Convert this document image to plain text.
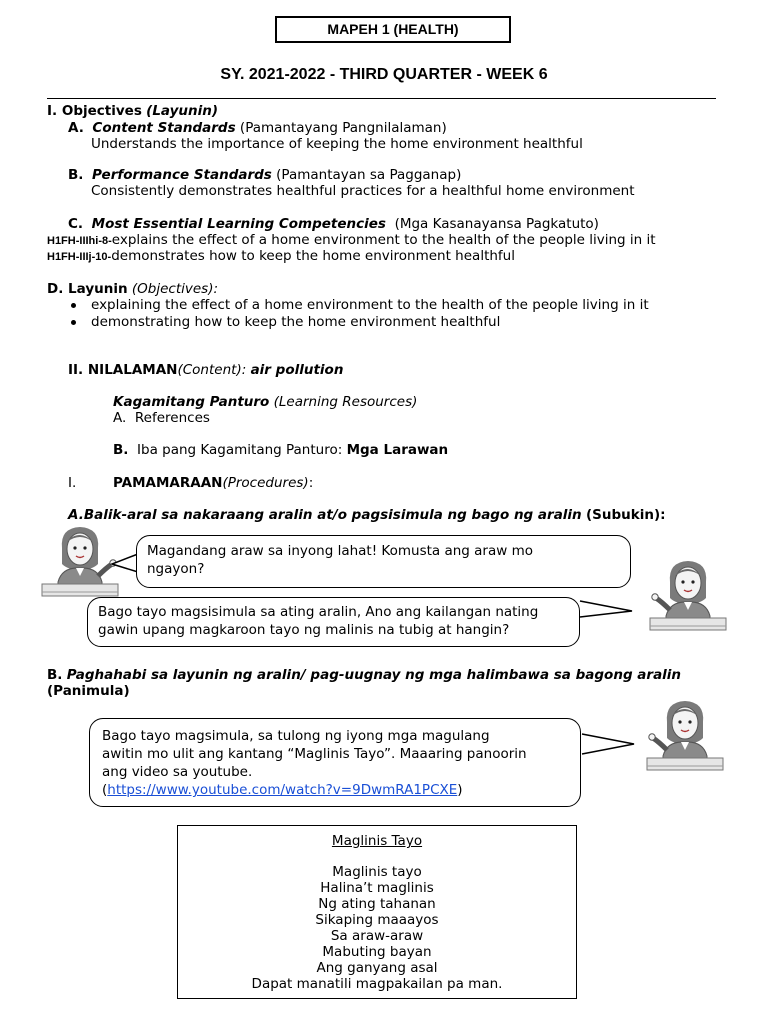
MAPEH 1 (HEALTH)
SY. 2021-2022 - THIRD QUARTER - WEEK 6
I. Objectives (Layunin)
A. Content Standards (Pamantayang Pangnilalaman)
Understands the importance of keeping the home environment healthful
B. Performance Standards (Pamantayan sa Pagganap)
Consistently demonstrates healthful practices for a healthful home environment
C. Most Essential Learning Competencies (Mga Kasanayansa Pagkatuto)
H1FH-IIIhi-8-explains the effect of a home environment to the health of the people living in it
H1FH-IIIj-10-demonstrates how to keep the home environment healthful
D. Layunin (Objectives):
explaining the effect of a home environment to the health of the people living in it
demonstrating how to keep the home environment healthful
II. NILALAMAN(Content): air pollution
Kagamitang Panturo (Learning Resources)
A. References
B. Iba pang Kagamitang Panturo: Mga Larawan
I.	PAMAMARAAN(Procedures):
A.Balik-aral sa nakaraang aralin at/o pagsisimula ng bago ng aralin (Subukin):
Magandang araw sa inyong lahat! Komusta ang araw mo
ngayon?
Bago tayo magsisimula sa ating aralin, Ano ang kailangan nating
gawin upang magkaroon tayo ng malinis na tubig at hangin?
B. Paghahabi sa layunin ng aralin/ pag-uugnay ng mga halimbawa sa bagong aralin
(Panimula)
Bago tayo magsimula, sa tulong ng iyong mga magulang
awitin mo ulit ang kantang “Maglinis Tayo”. Maaaring panoorin
ang video sa youtube.
(https://www.youtube.com/watch?v=9DwmRA1PCXE)
Maglinis Tayo
Maglinis tayo
Halina’t maglinis
Ng ating tahanan
Sikaping maaayos
Sa araw-araw
Mabuting bayan
Ang ganyang asal
Dapat manatili magpakailan pa man.
